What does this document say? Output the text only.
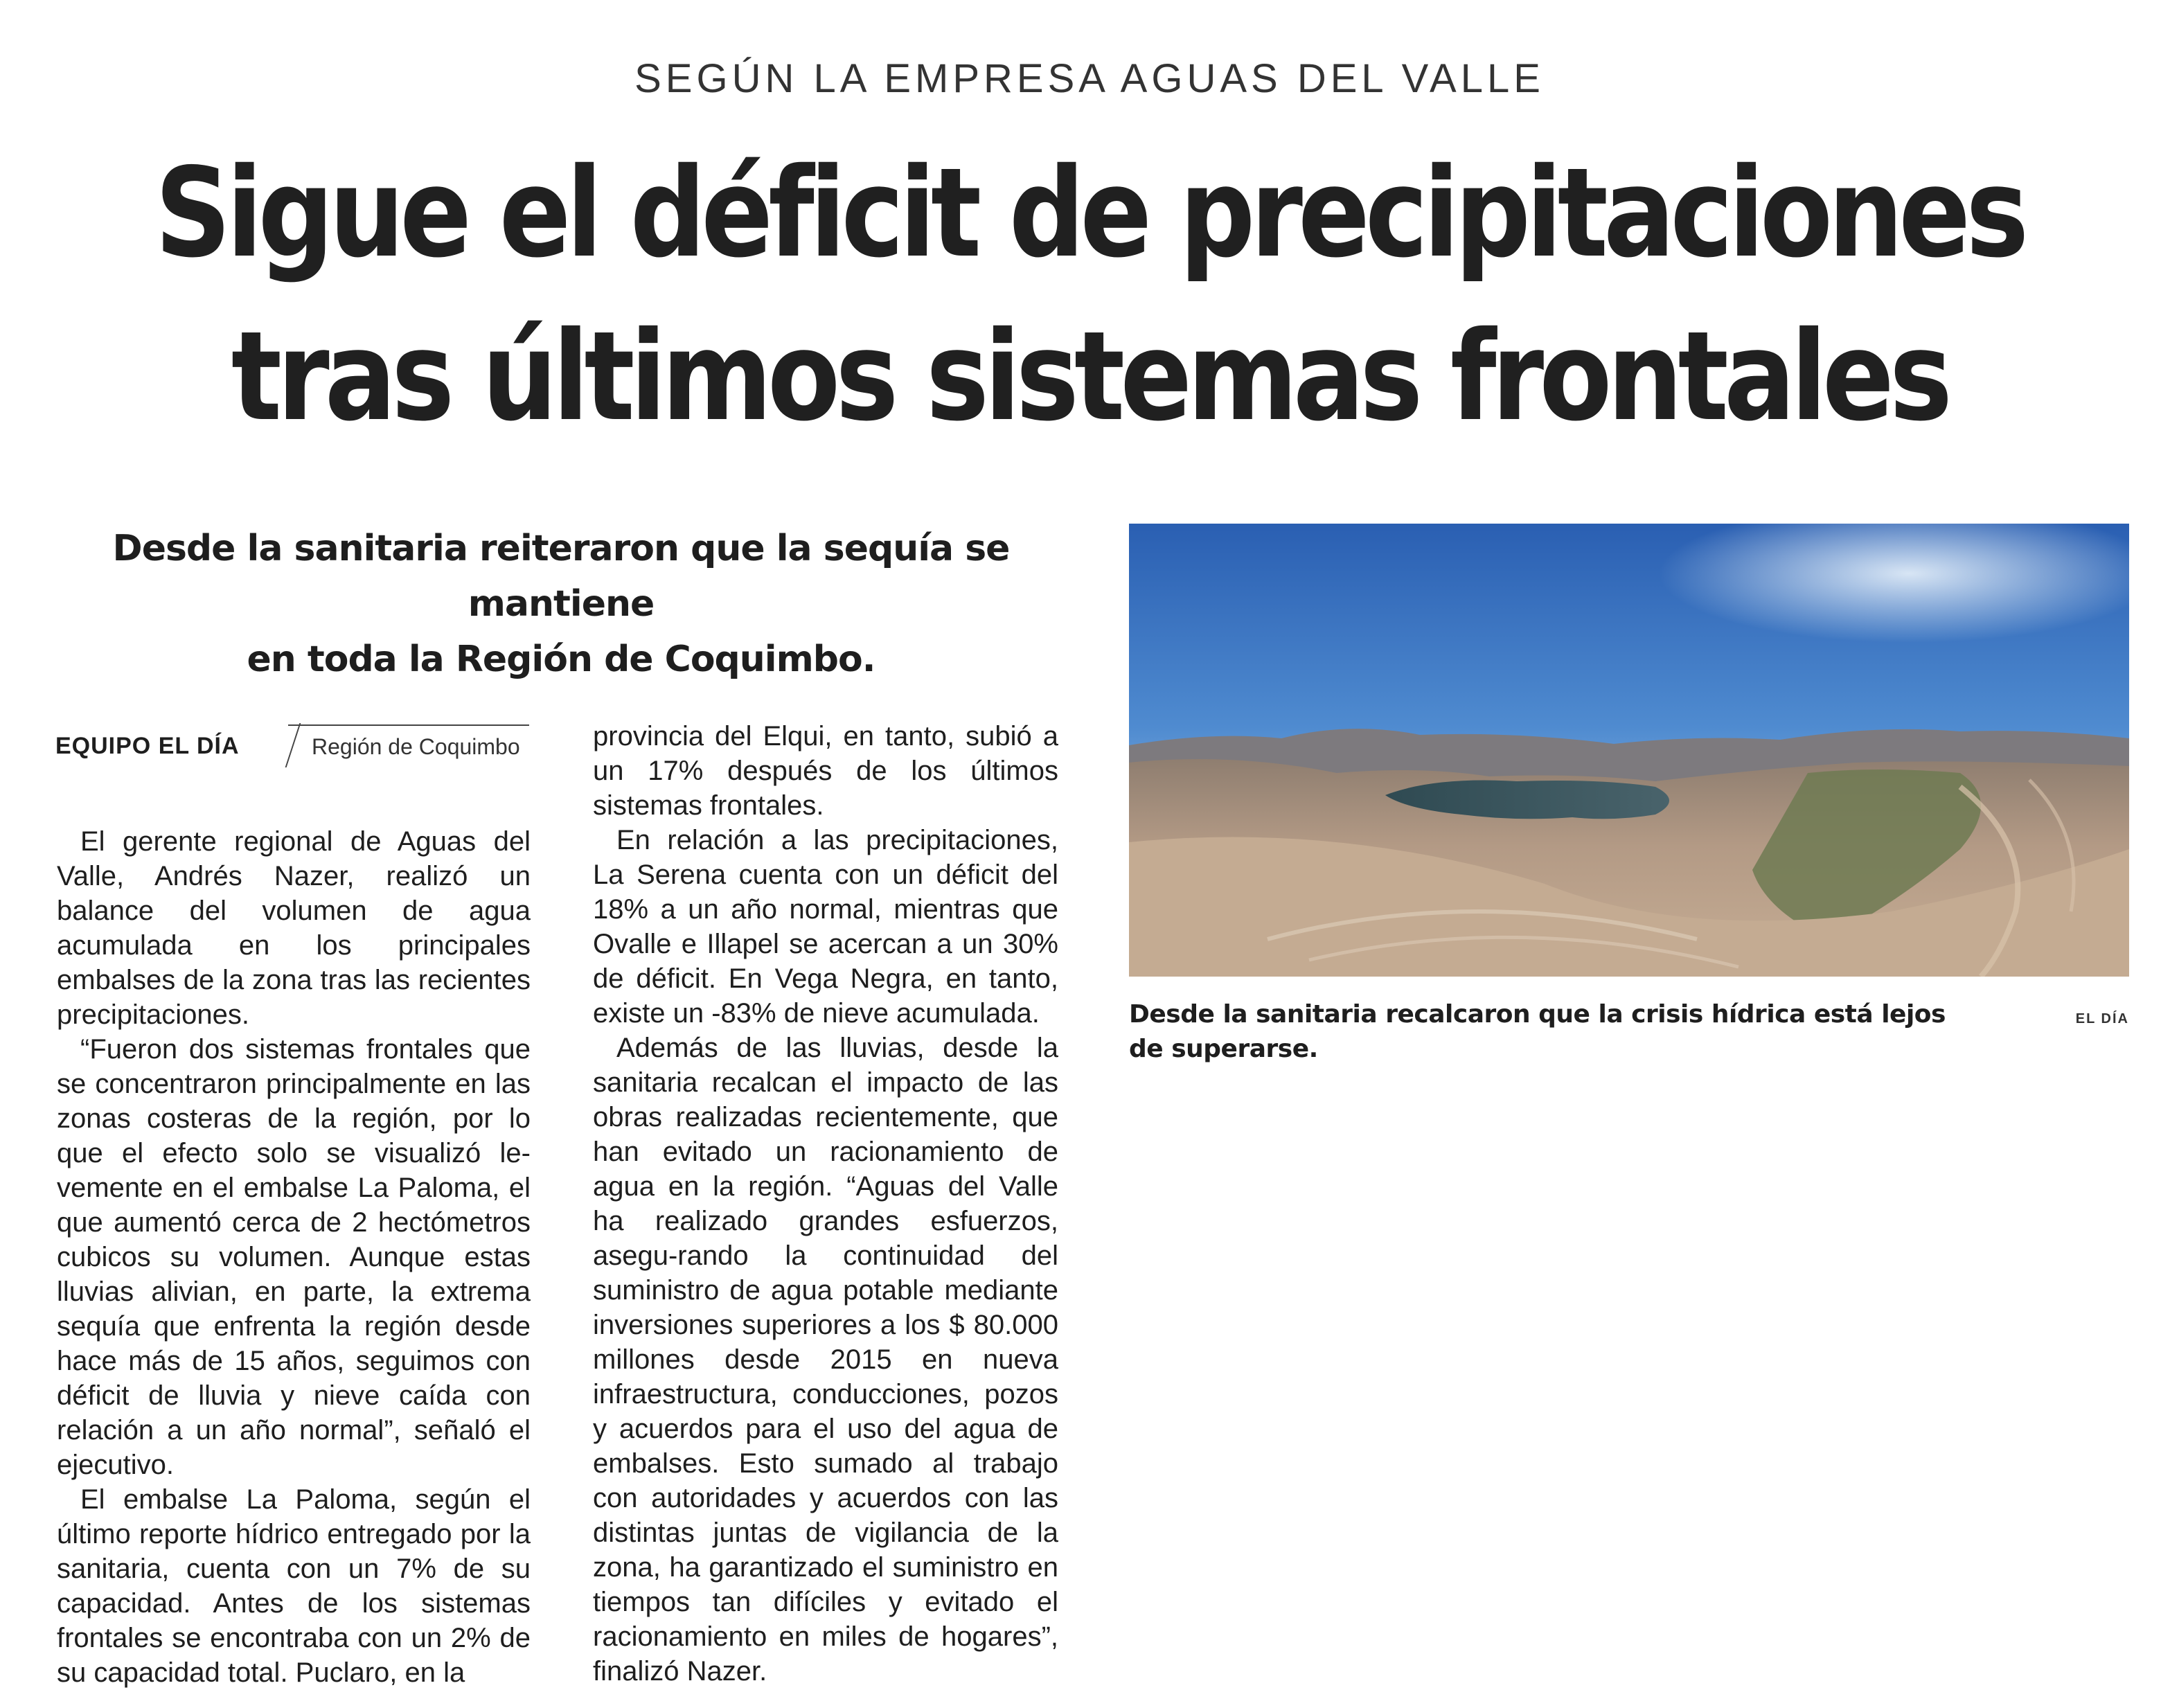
SEGÚN LA EMPRESA AGUAS DEL VALLE
Sigue el déficit de precipitaciones
tras últimos sistemas frontales
Desde la sanitaria reiteraron que la sequía se mantiene
en toda la Región de Coquimbo.
EQUIPO EL DÍA	Región de Coquimbo

El gerente regional de Aguas del Valle, Andrés Nazer, realizó un balance del volumen de agua acumulada en los principales embalses de la zona tras las recientes precipitaciones.

“Fueron dos sistemas frontales que se concentraron principalmente en las zonas costeras de la región, por lo que el efecto solo se visualizó le-vemente en el embalse La Paloma, el que aumentó cerca de 2 hectómetros cubicos su volumen. Aunque estas lluvias alivian, en parte, la extrema sequía que enfrenta la región desde hace más de 15 años, seguimos con déficit de lluvia y nieve caída con relación a un año normal”, señaló el ejecutivo.

El embalse La Paloma, según el último reporte hídrico entregado por la sanitaria, cuenta con un 7% de su capacidad. Antes de los sistemas frontales se encontraba con un 2% de su capacidad total. Puclaro, en la

provincia del Elqui, en tanto, subió a un 17% después de los últimos sistemas frontales.

En relación a las precipitaciones, La Serena cuenta con un déficit del 18% a un año normal, mientras que Ovalle e Illapel se acercan a un 30% de déficit. En Vega Negra, en tanto, existe un -83% de nieve acumulada.

Además de las lluvias, desde la sanitaria recalcan el impacto de las obras realizadas recientemente, que han evitado un racionamiento de agua en la región. “Aguas del Valle ha realizado grandes esfuerzos, asegu-rando la continuidad del suministro de agua potable mediante inversiones superiores a los $ 80.000 millones desde 2015 en nueva infraestructura, conducciones, pozos y acuerdos para el uso del agua de embalses. Esto sumado al trabajo con autoridades y acuerdos con las distintas juntas de vigilancia de la zona, ha garantizado el suministro en tiempos tan difíciles y evitado el racionamiento en miles de hogares”, finalizó Nazer.

Desde la sanitaria recalcaron que la crisis hídrica está lejos de superarse.
EL DÍA
